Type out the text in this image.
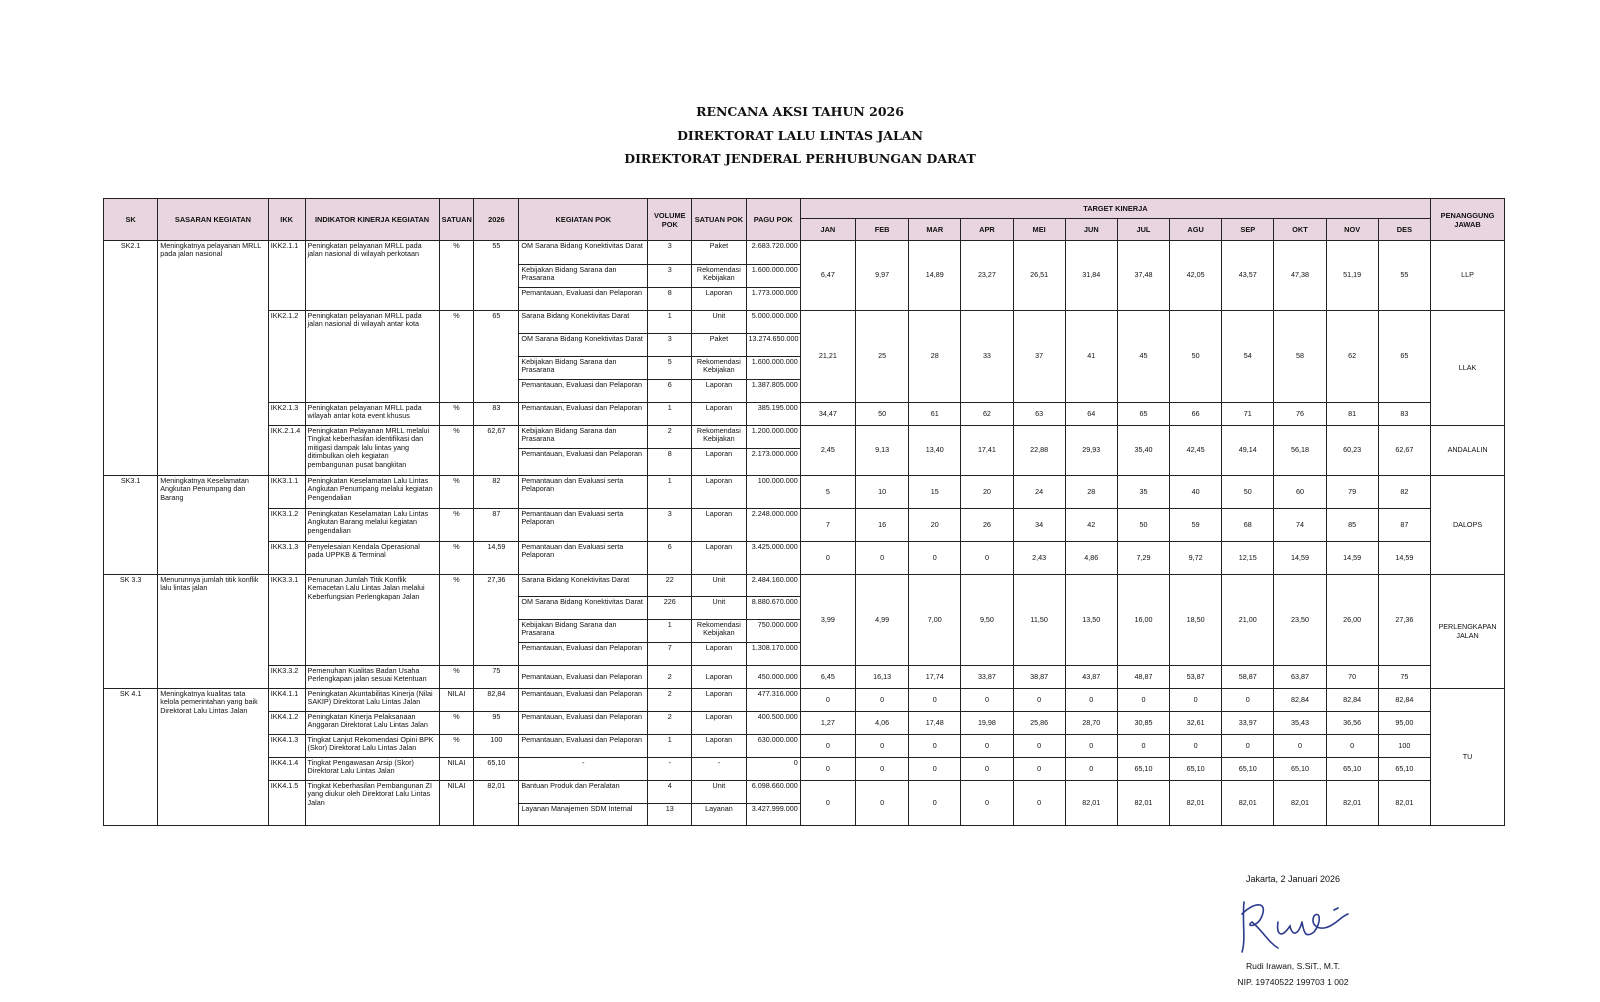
RENCANA AKSI TAHUN 2026
DIREKTORAT LALU LINTAS JALAN
DIREKTORAT JENDERAL PERHUBUNGAN DARAT
SK	SASARAN KEGIATAN	IKK	INDIKATOR KINERJA KEGIATAN	SATUAN	2026	KEGIATAN POK	VOLUME POK	SATUAN POK	PAGU POK	TARGET KINERJA												PENANGGUNG JAWAB
										JAN	FEB	MAR	APR	MEI	JUN	JUL	AGU	SEP	OKT	NOV	DES	
SK2.1	Meningkatnya pelayanan MRLL pada jalan nasional	IKK2.1.1	Peningkatan pelayanan MRLL pada jalan nasional di wilayah perkotaan	%	55	OM Sarana Bidang Konektivitas Darat	3	Paket	2.683.720.000	6,47	9,97	14,89	23,27	26,51	31,84	37,48	42,05	43,57	47,38	51,19	55	LLP
						Kebijakan Bidang Sarana dan Prasarana	3	Rekomendasi Kebijakan	1.600.000.000													
						Pemantauan, Evaluasi dan Pelaporan	8	Laporan	1.773.000.000													
		IKK2.1.2	Peningkatan pelayanan MRLL pada jalan nasional di wilayah antar kota	%	65	Sarana Bidang Konektivitas Darat	1	Unit	5.000.000.000	21,21	25	28	33	37	41	45	50	54	58	62	65	LLAK
						OM Sarana Bidang Konektivitas Darat	3	Paket	13.274.650.000													
						Kebijakan Bidang Sarana dan Prasarana	5	Rekomendasi Kebijakan	1.600.000.000													
						Pemantauan, Evaluasi dan Pelaporan	6	Laporan	1.387.805.000													
		IKK2.1.3	Peningkatan pelayanan MRLL pada wilayah antar kota event khusus	%	83	Pemantauan, Evaluasi dan Pelaporan	1	Laporan	385.195.000	34,47	50	61	62	63	64	65	66	71	76	81	83	
		IKK.2.1.4	Peningkatan Pelayanan MRLL melalui Tingkat keberhasilan identifikasi dan mitigasi dampak lalu lintas yang ditimbulkan oleh kegiatan pembangunan pusat bangkitan	%	62,67	Kebijakan Bidang Sarana dan Prasarana	2	Rekomendasi Kebijakan	1.200.000.000	2,45	9,13	13,40	17,41	22,88	29,93	35,40	42,45	49,14	56,18	60,23	62,67	ANDALALIN
						Pemantauan, Evaluasi dan Pelaporan	8	Laporan	2.173.000.000													
SK3.1	Meningkatnya Keselamatan Angkutan Penumpang dan Barang	IKK3.1.1	Peningkatan Keselamatan Lalu Lintas Angkutan Penumpang melalui kegiatan Pengendalian	%	82	Pemantauan dan Evaluasi serta Pelaporan	1	Laporan	100.000.000	5	10	15	20	24	28	35	40	50	60	79	82	DALOPS
		IKK3.1.2	Peningkatan Keselamatan Lalu Lintas Angkutan Barang melalui kegiatan pengendalian	%	87	Pemantauan dan Evaluasi serta Pelaporan	3	Laporan	2.248.000.000	7	16	20	26	34	42	50	59	68	74	85	87	
		IKK3.1.3	Penyelesaian Kendala Operasional pada UPPKB & Terminal	%	14,59	Pemantauan dan Evaluasi serta Pelaporan	6	Laporan	3.425.000.000	0	0	0	0	2,43	4,86	7,29	9,72	12,15	14,59	14,59	14,59	
SK 3.3	Menurunnya jumlah titik konflik lalu lintas jalan	IKK3.3.1	Penurunan Jumlah Titik Konflik Kemacetan Lalu Lintas Jalan melalui Keberfungsian Perlengkapan Jalan	%	27,36	Sarana Bidang Konektivitas Darat	22	Unit	2.484.160.000	3,99	4,99	7,00	9,50	11,50	13,50	16,00	18,50	21,00	23,50	26,00	27,36	PERLENGKAPAN JALAN
						OM Sarana Bidang Konektivitas Darat	226	Unit	8.880.670.000													
						Kebijakan Bidang Sarana dan Prasarana	1	Rekomendasi Kebijakan	750.000.000													
						Pemantauan, Evaluasi dan Pelaporan	7	Laporan	1.308.170.000													
		IKK3.3.2	Pemenuhan Kualitas Badan Usaha Perlengkapan jalan sesuai Ketentuan	%	75	Pemantauan, Evaluasi dan Pelaporan	2	Laporan	450.000.000	6,45	16,13	17,74	33,87	38,87	43,87	48,87	53,87	58,87	63,87	70	75	
SK 4.1	Meningkatnya kualitas tata kelola pemerintahan yang baik Direktorat Lalu Lintas Jalan	IKK4.1.1	Peningkatan Akuntabilitas Kinerja (Nilai SAKIP) Direktorat Lalu Lintas Jalan	NILAI	82,84	Pemantauan, Evaluasi dan Pelaporan	2	Laporan	477.316.000	0	0	0	0	0	0	0	0	0	82,84	82,84	82,84	TU
		IKK4.1.2	Peningkatan Kinerja Pelaksanaan Anggaran Direktorat Lalu Lintas Jalan	%	95	Pemantauan, Evaluasi dan Pelaporan	2	Laporan	400.500.000	1,27	4,06	17,48	19,98	25,86	28,70	30,85	32,61	33,97	35,43	36,56	95,00	
		IKK4.1.3	Tingkat Lanjut Rekomendasi Opini BPK (Skor) Direktorat Lalu Lintas Jalan	%	100	Pemantauan, Evaluasi dan Pelaporan	1	Laporan	630.000.000	0	0	0	0	0	0	0	0	0	0	0	100	
		IKK4.1.4	Tingkat Pengawasan Arsip (Skor) Direktorat Lalu Lintas Jalan	NILAI	65,10	-	-	-	0	0	0	0	0	0	0	65,10	65,10	65,10	65,10	65,10	65,10	
		IKK4.1.5	Tingkat Keberhasilan Pembangunan ZI yang diukur oleh Direktorat Lalu Lintas Jalan	NILAI	82,01	Bantuan Produk dan Peralatan	4	Unit	6.098.660.000	0	0	0	0	0	82,01	82,01	82,01	82,01	82,01	82,01	82,01	
						Layanan Manajemen SDM Internal	13	Layanan	3.427.999.000													
Jakarta, 2 Januari 2026
Rudi Irawan, S.SiT., M.T.
NIP. 19740522 199703 1 002
